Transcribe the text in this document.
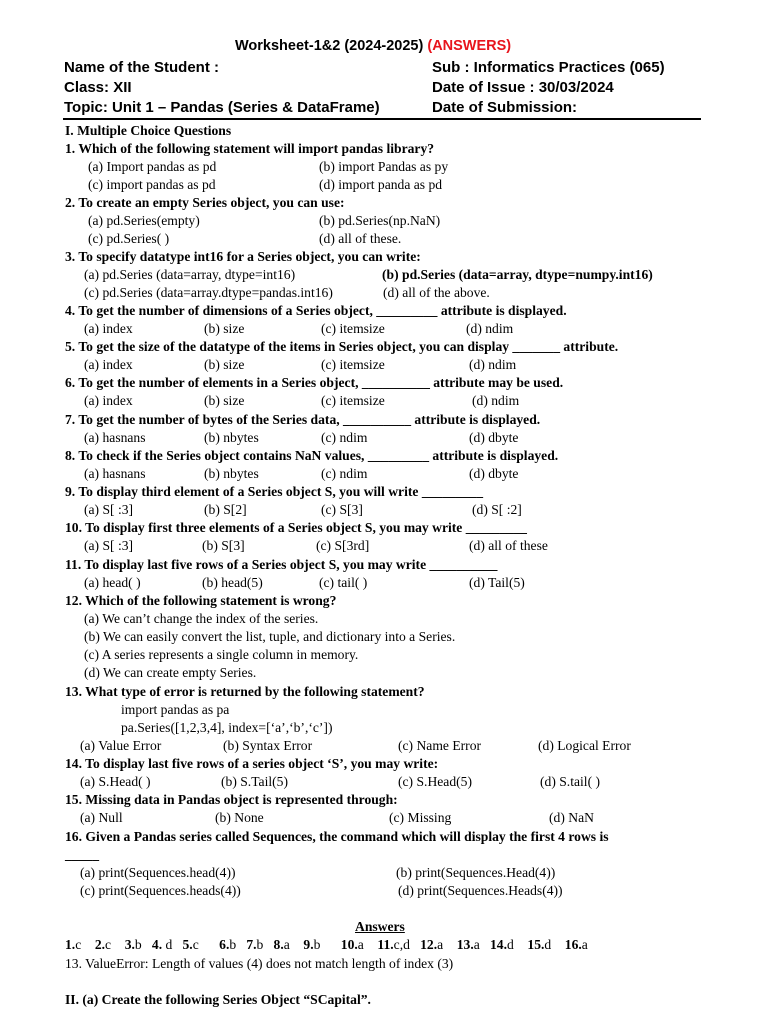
Worksheet-1&2 (2024-2025) (ANSWERS)
Name of the Student :	Sub : Informatics Practices (065)
Class: XII	Date of Issue : 30/03/2024
Topic: Unit 1 – Pandas (Series & DataFrame)	Date of Submission:
I. Multiple Choice Questions
1. Which of the following statement will import pandas library?
(a) Import pandas as pd	(b) import Pandas as py
(c) import pandas as pd	(d) import panda as pd
2. To create an empty Series object, you can use:
(a) pd.Series(empty)	(b) pd.Series(np.NaN)
(c) pd.Series( )	(d) all of these.
3. To specify datatype int16 for a Series object, you can write:
(a) pd.Series (data=array, dtype=int16)	(b) pd.Series (data=array, dtype=numpy.int16)
(c) pd.Series (data=array.dtype=pandas.int16)	(d) all of the above.
4. To get the number of dimensions of a Series object, _________ attribute is displayed.
(a) index	(b) size	(c) itemsize	(d) ndim
5. To get the size of the datatype of the items in Series object, you can display _______ attribute.
(a) index	(b) size	(c) itemsize	(d) ndim
6. To get the number of elements in a Series object, __________ attribute may be used.
(a) index	(b) size	(c) itemsize	(d) ndim
7. To get the number of bytes of the Series data, __________ attribute is displayed.
(a) hasnans	(b) nbytes	(c) ndim	(d) dbyte
8. To check if the Series object contains NaN values, _________ attribute is displayed.
(a) hasnans	(b) nbytes	(c) ndim	(d) dbyte
9. To display third element of a Series object S, you will write _________
(a) S[ :3]	(b) S[2]	(c) S[3]	(d) S[ :2]
10. To display first three elements of a Series object S, you may write _________
(a) S[ :3]	(b) S[3]	(c) S[3rd]	(d) all of these
11. To display last five rows of a Series object S, you may write __________
(a) head( )	(b) head(5)	(c) tail( )	(d) Tail(5)
12. Which of the following statement is wrong?
(a) We can’t change the index of the series.
(b) We can easily convert the list, tuple, and dictionary into a Series.
(c) A series represents a single column in memory.
(d) We can create empty Series.
13. What type of error is returned by the following statement?
import pandas as pa
pa.Series([1,2,3,4], index=[‘a’,‘b’,‘c’])
(a) Value Error	(b) Syntax Error	(c) Name Error	(d) Logical Error
14. To display last five rows of a series object ‘S’, you may write:
(a) S.Head( )	(b) S.Tail(5)	(c) S.Head(5)	(d) S.tail( )
15. Missing data in Pandas object is represented through:
(a) Null	(b) None	(c) Missing	(d) NaN
16. Given a Pandas series called Sequences, the command which will display the first 4 rows is
_____
(a) print(Sequences.head(4))	(b) print(Sequences.Head(4))
(c) print(Sequences.heads(4))	(d) print(Sequences.Heads(4))
Answers
1.c 2.c 3.b 4. d 5.c 6.b 7.b 8.a 9.b 10.a 11.c,d 12.a 13.a 14.d 15.d 16.a
13. ValueError: Length of values (4) does not match length of index (3)
II. (a) Create the following Series Object “SCapital”.
